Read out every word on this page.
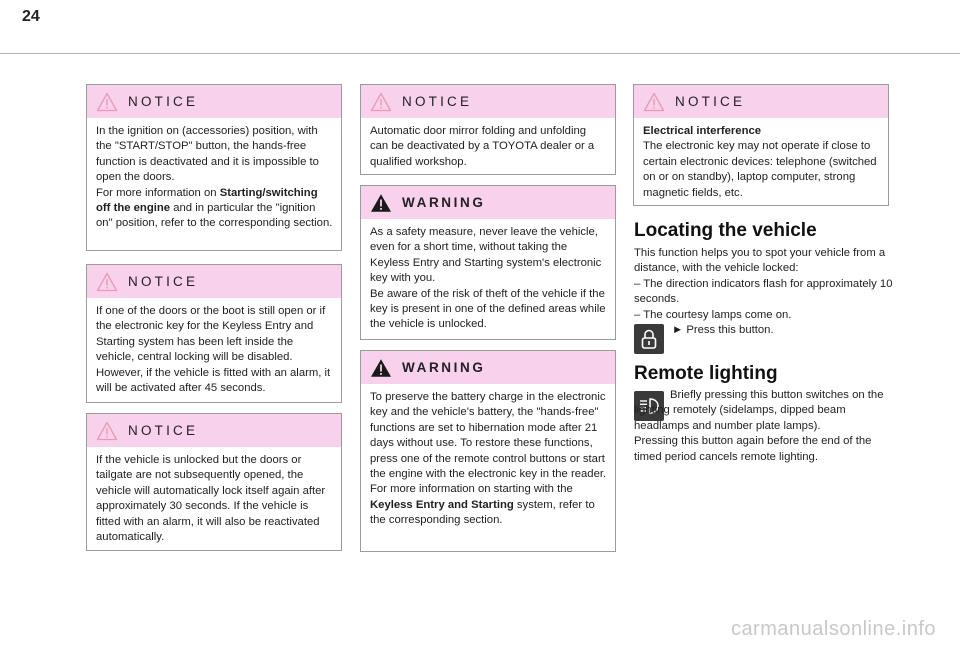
24
NOTICE

In the ignition on (accessories) position, with the "START/STOP" button, the hands-free function is deactivated and it is impossible to open the doors.

For more information on Starting/switching off the engine and in particular the "ignition on" position, refer to the corresponding section.

NOTICE

If one of the doors or the boot is still open or if the electronic key for the Keyless Entry and Starting system has been left inside the vehicle, central locking will be disabled.

However, if the vehicle is fitted with an alarm, it will be activated after 45 seconds.

NOTICE

If the vehicle is unlocked but the doors or tailgate are not subsequently opened, the vehicle will automatically lock itself again after approximately 30 seconds. If the vehicle is fitted with an alarm, it will also be reactivated automatically.

NOTICE

Automatic door mirror folding and unfolding can be deactivated by a TOYOTA dealer or a qualified workshop.

WARNING

As a safety measure, never leave the vehicle, even for a short time, without taking the Keyless Entry and Starting system's electronic key with you.

Be aware of the risk of theft of the vehicle if the key is present in one of the defined areas while the vehicle is unlocked.

WARNING

To preserve the battery charge in the electronic key and the vehicle's battery, the "hands-free" functions are set to hibernation mode after 21 days without use. To restore these functions, press one of the remote control buttons or start the engine with the electronic key in the reader.

For more information on starting with the Keyless Entry and Starting system, refer to the corresponding section.

NOTICE

Electrical interference

The electronic key may not operate if close to certain electronic devices: telephone (switched on or on standby), laptop computer, strong magnetic fields, etc.

Locating the vehicle
This function helps you to spot your vehicle from a distance, with the vehicle locked:
– The direction indicators flash for approximately 10 seconds.
– The courtesy lamps come on.
► Press this button.
Remote lighting
Briefly pressing this button switches on the lighting remotely (sidelamps, dipped beam headlamps and number plate lamps).
Pressing this button again before the end of the timed period cancels remote lighting.
carmanualsonline.info
